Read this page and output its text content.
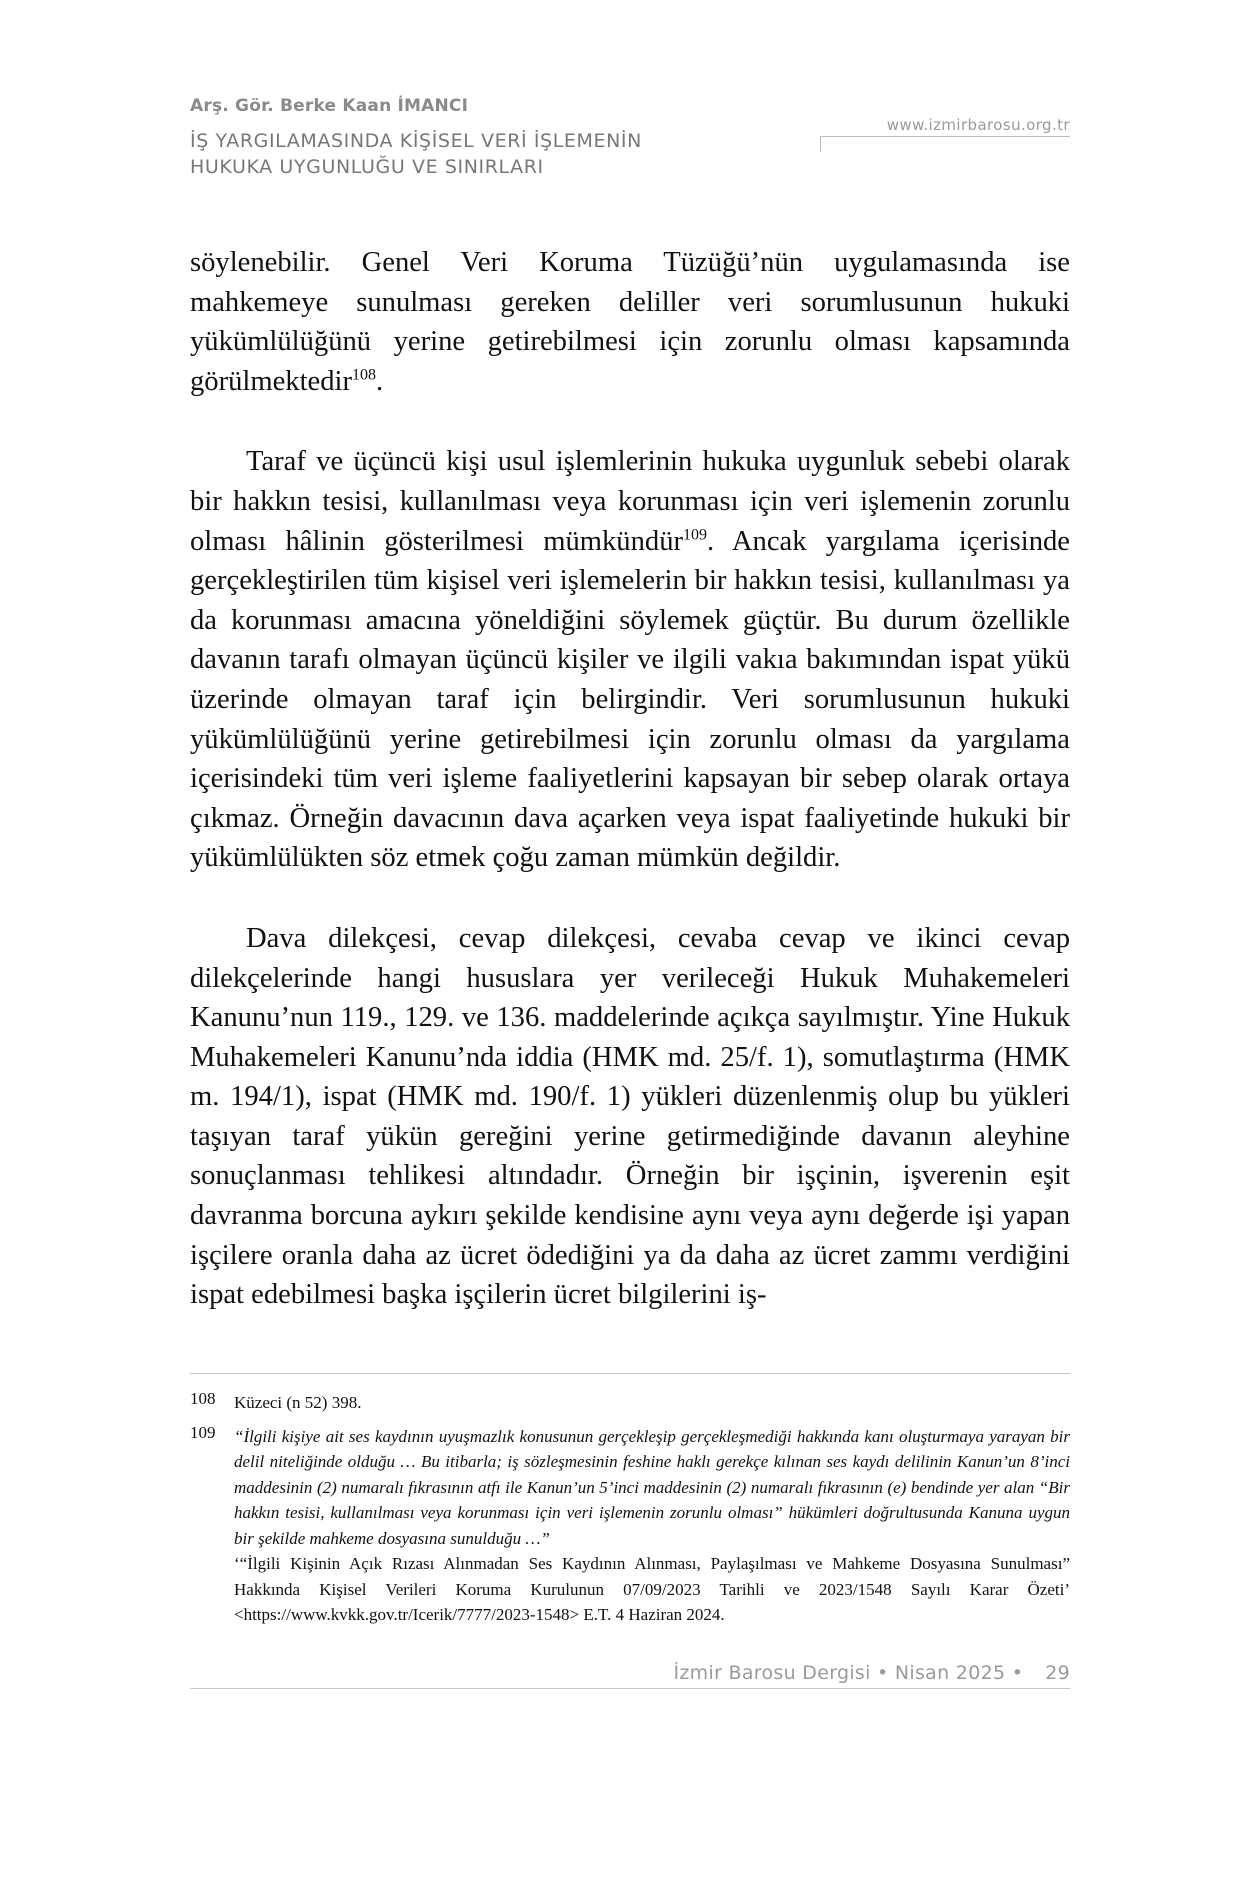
Arş. Gör. Berke Kaan İMANCI
İŞ YARGILAMASINDA KİŞİSEL VERİ İŞLEMENİN
HUKUKA UYGUNLUĞU VE SINIRLARI
www.izmirbarosu.org.tr

söylenebilir. Genel Veri Koruma Tüzüğü’nün uygulamasında ise mahkemeye sunulması gereken deliller veri sorumlusunun hukuki yükümlülüğünü yerine getirebilmesi için zorunlu olması kapsamında görülmektedir$^{108}$.

Taraf ve üçüncü kişi usul işlemlerinin hukuka uygunluk sebebi olarak bir hakkın tesisi, kullanılması veya korunması için veri işlemenin zorunlu olması hâlinin gösterilmesi mümkündür$^{109}$. Ancak yargılama içerisinde gerçekleştirilen tüm kişisel veri işlemelerin bir hakkın tesisi, kullanılması ya da korunması amacına yöneldiğini söylemek güçtür. Bu durum özellikle davanın tarafı olmayan üçüncü kişiler ve ilgili vakıa bakımından ispat yükü üzerinde olmayan taraf için belirgindir. Veri sorumlusunun hukuki yükümlülüğünü yerine getirebilmesi için zorunlu olması da yargılama içerisindeki tüm veri işleme faaliyetlerini kapsayan bir sebep olarak ortaya çıkmaz. Örneğin davacının dava açarken veya ispat faaliyetinde hukuki bir yükümlülükten söz etmek çoğu zaman mümkün değildir.

Dava dilekçesi, cevap dilekçesi, cevaba cevap ve ikinci cevap dilekçelerinde hangi hususlara yer verileceği Hukuk Muhakemeleri Kanunu’nun 119., 129. ve 136. maddelerinde açıkça sayılmıştır. Yine Hukuk Muhakemeleri Kanunu’nda iddia (HMK md. 25/f. 1), somutlaştırma (HMK m. 194/1), ispat (HMK md. 190/f. 1) yükleri düzenlenmiş olup bu yükleri taşıyan taraf yükün gereğini yerine getirmediğinde davanın aleyhine sonuçlanması tehlikesi altındadır. Örneğin bir işçinin, işverenin eşit davranma borcuna aykırı şekilde kendisine aynı veya aynı değerde işi yapan işçilere oranla daha az ücret ödediğini ya da daha az ücret zammı verdiğini ispat edebilmesi başka işçilerin ücret bilgilerini iş-

108 Küzeci (n 52) 398.

109 “İlgili kişiye ait ses kaydının uyuşmazlık konusunun gerçekleşip gerçekleşmediği hakkında kanı oluşturmaya yarayan bir delil niteliğinde olduğu … Bu itibarla; iş sözleşmesinin feshine haklı gerekçe kılınan ses kaydı delilinin Kanun’un 8’inci maddesinin (2) numaralı fıkrasının atfı ile Kanun’un 5’inci maddesinin (2) numaralı fıkrasının (e) bendinde yer alan “Bir hakkın tesisi, kullanılması veya korunması için veri işlemenin zorunlu olması” hükümleri doğrultusunda Kanuna uygun bir şekilde mahkeme dosyasına sunulduğu …”
‘“İlgili Kişinin Açık Rızası Alınmadan Ses Kaydının Alınması, Paylaşılması ve Mahkeme Dosyasına Sunulması” Hakkında Kişisel Verileri Koruma Kurulunun 07/09/2023 Tarihli ve 2023/1548 Sayılı Karar Özeti’ <https://www.kvkk.gov.tr/Icerik/7777/2023-1548> E.T. 4 Haziran 2024.

İzmir Barosu Dergisi • Nisan 2025 • 29
